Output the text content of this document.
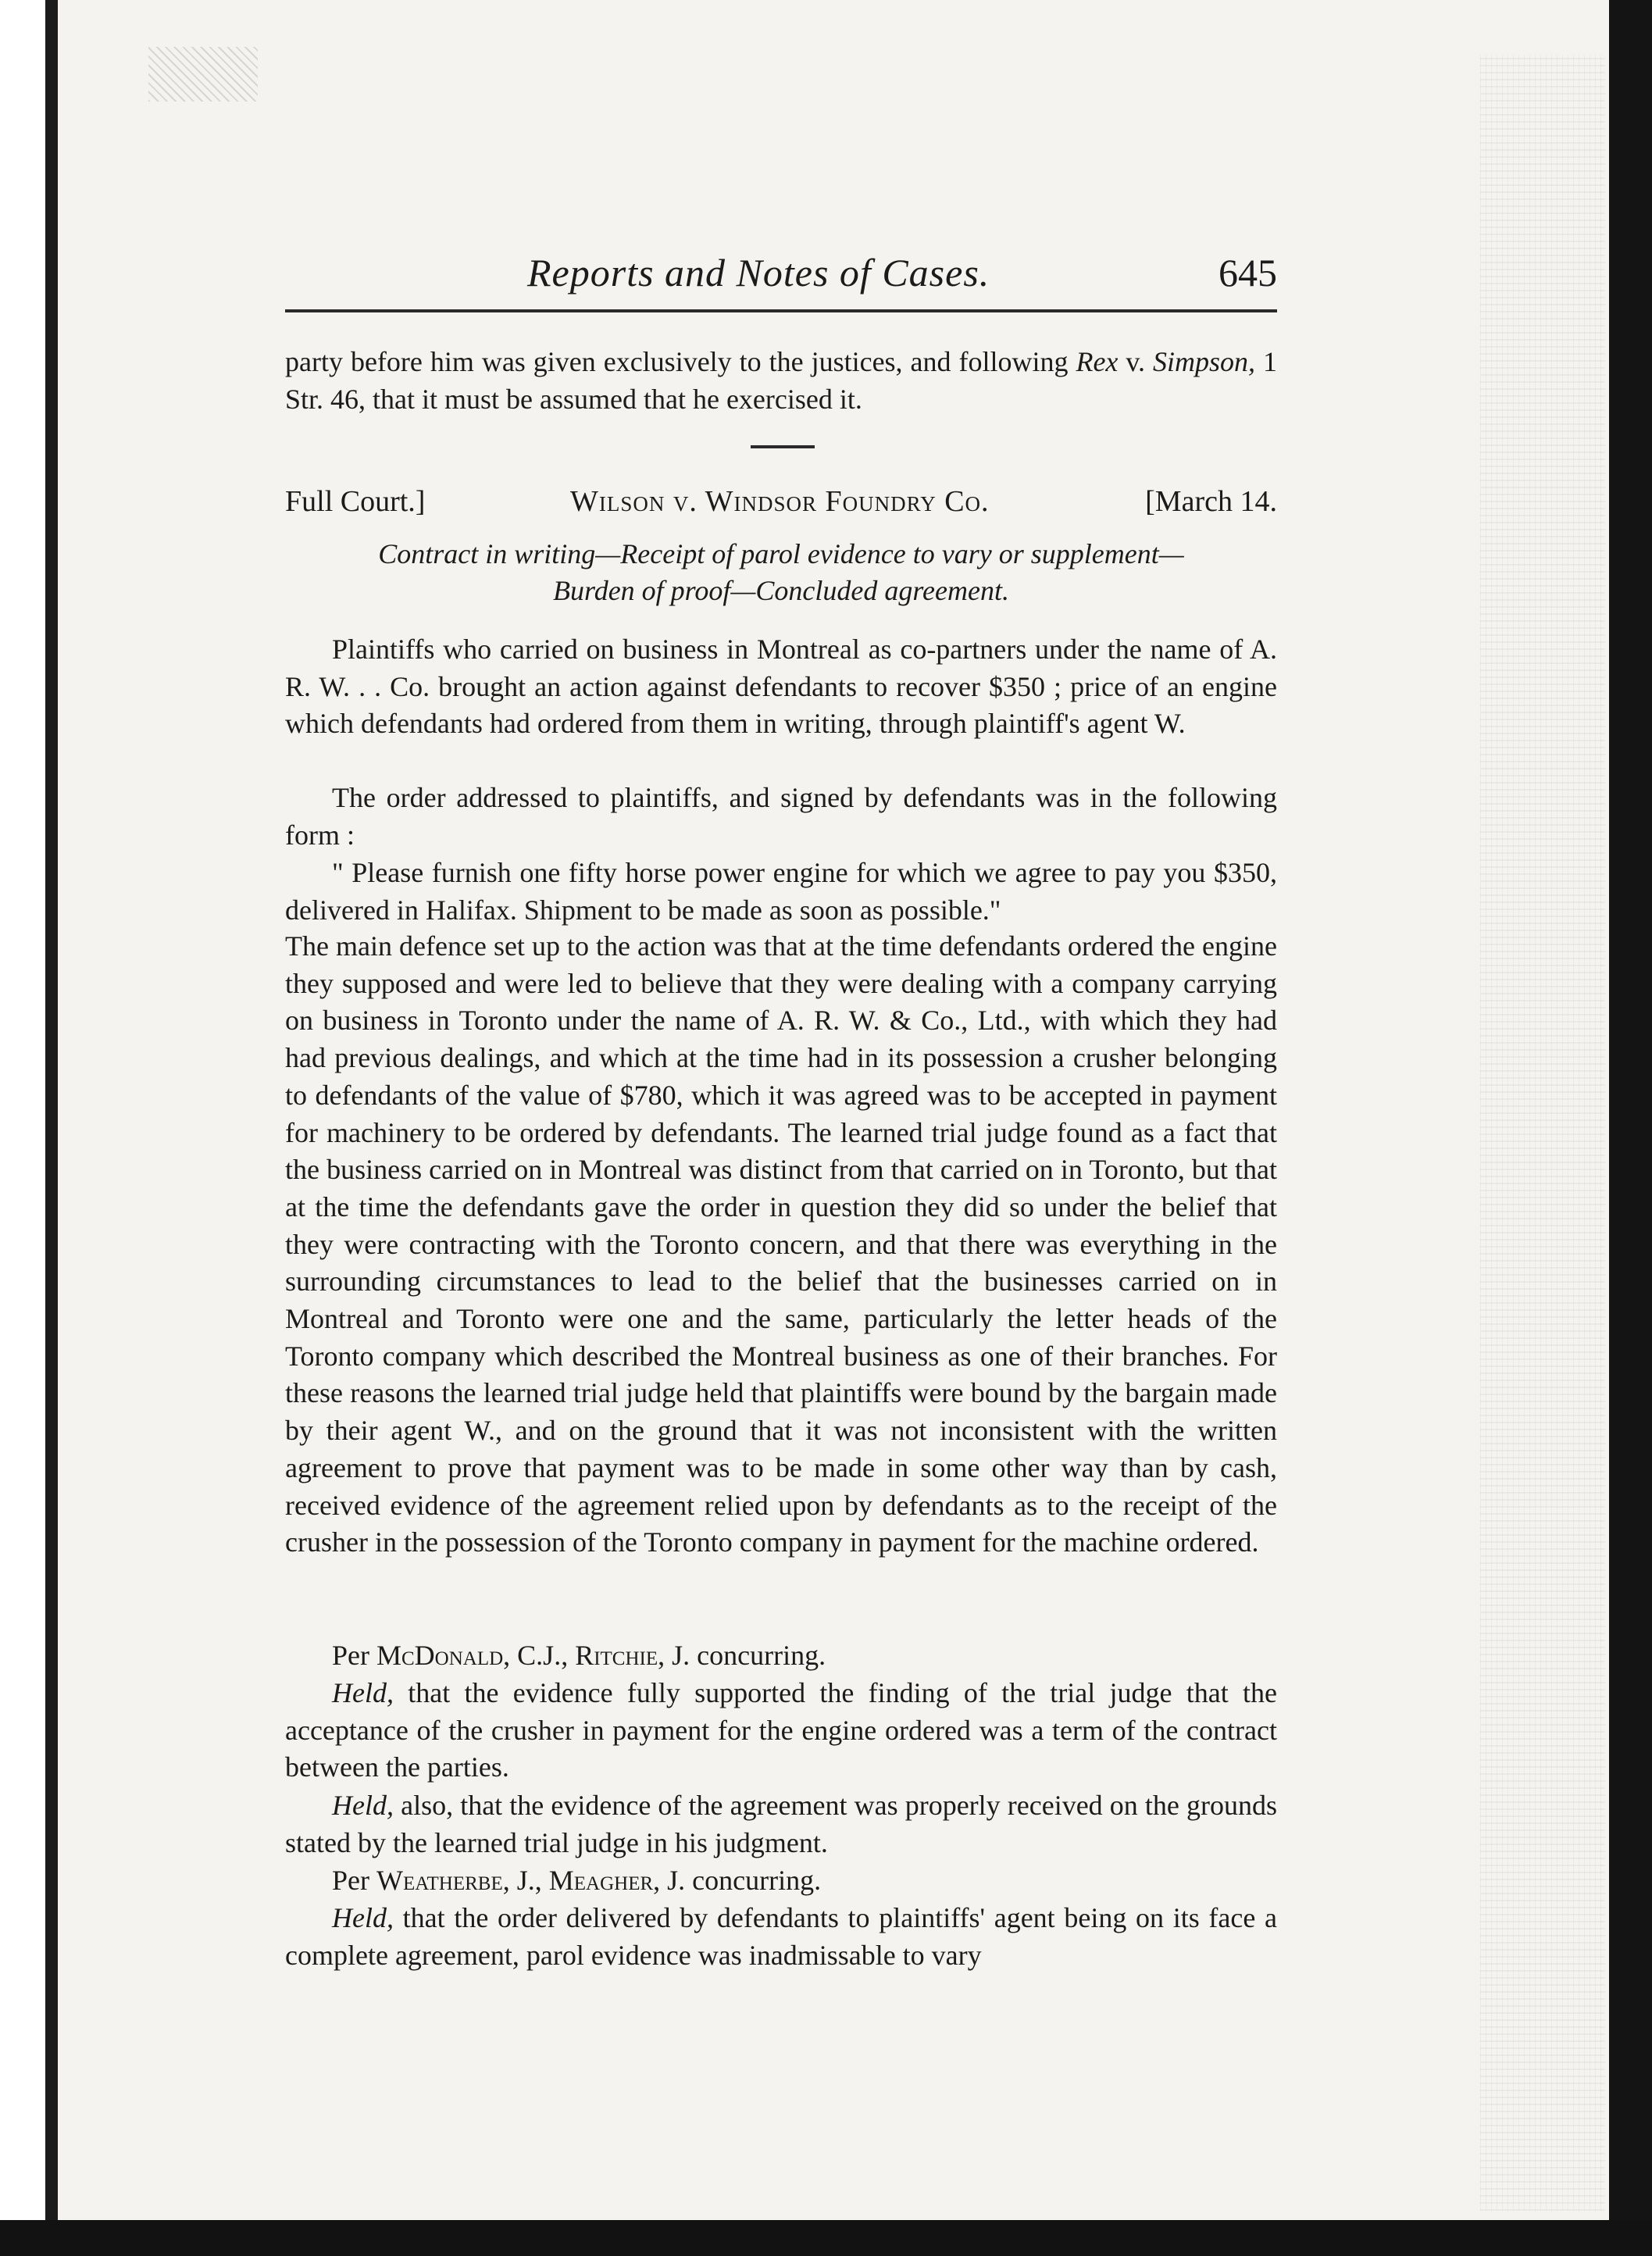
Reports and Notes of Cases.	645

party before him was given exclusively to the justices, and following Rex v. Simpson, 1 Str. 46, that it must be assumed that he exercised it.

Full Court.]	Wilson v. Windsor Foundry Co.	[March 14.

Contract in writing—Receipt of parol evidence to vary or supplement—
Burden of proof—Concluded agreement.

Plaintiffs who carried on business in Montreal as co-partners under the name of A. R. W. . . Co. brought an action against defendants to recover $350 ; price of an engine which defendants had ordered from them in writing, through plaintiff's agent W.

The order addressed to plaintiffs, and signed by defendants was in the following form :

" Please furnish one fifty horse power engine for which we agree to pay you $350, delivered in Halifax. Shipment to be made as soon as possible."

The main defence set up to the action was that at the time defendants ordered the engine they supposed and were led to believe that they were dealing with a company carrying on business in Toronto under the name of A. R. W. & Co., Ltd., with which they had had previous dealings, and which at the time had in its possession a crusher belonging to defendants of the value of $780, which it was agreed was to be accepted in payment for machinery to be ordered by defendants. The learned trial judge found as a fact that the business carried on in Montreal was distinct from that carried on in Toronto, but that at the time the defendants gave the order in question they did so under the belief that they were contracting with the Toronto concern, and that there was everything in the surrounding circumstances to lead to the belief that the businesses carried on in Montreal and Toronto were one and the same, particularly the letter heads of the Toronto company which described the Montreal business as one of their branches. For these reasons the learned trial judge held that plaintiffs were bound by the bargain made by their agent W., and on the ground that it was not inconsistent with the written agreement to prove that payment was to be made in some other way than by cash, received evidence of the agreement relied upon by defendants as to the receipt of the crusher in the possession of the Toronto company in payment for the machine ordered.

Per McDonald, C.J., Ritchie, J. concurring.

Held, that the evidence fully supported the finding of the trial judge that the acceptance of the crusher in payment for the engine ordered was a term of the contract between the parties.

Held, also, that the evidence of the agreement was properly received on the grounds stated by the learned trial judge in his judgment.

Per Weatherbe, J., Meagher, J. concurring.

Held, that the order delivered by defendants to plaintiffs' agent being on its face a complete agreement, parol evidence was inadmissable to vary
